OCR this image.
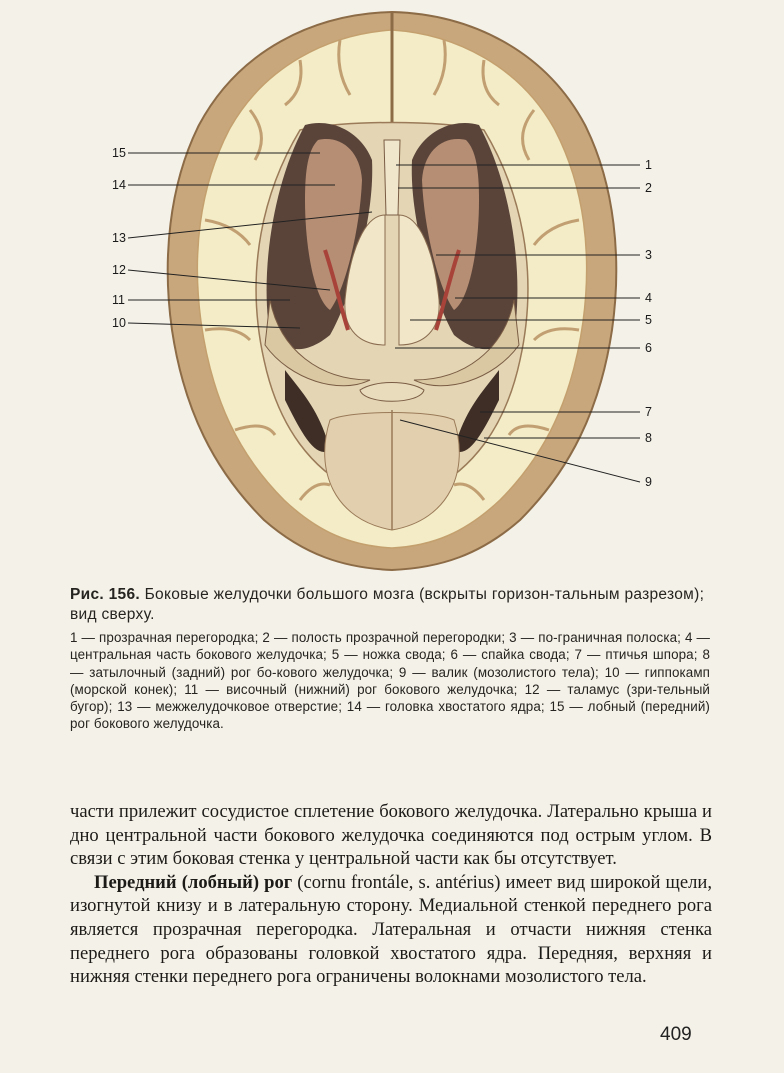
15
14
13
12
11
10
1
2
3
4
5
6
7
8
9
Рис. 156. Боковые желудочки большого мозга (вскрыты горизон-тальным разрезом); вид сверху.
1 — прозрачная перегородка; 2 — полость прозрачной перегородки; 3 — по-граничная полоска; 4 — центральная часть бокового желудочка; 5 — ножка свода; 6 — спайка свода; 7 — птичья шпора; 8 — затылочный (задний) рог бо-кового желудочка; 9 — валик (мозолистого тела); 10 — гиппокамп (морской конек); 11 — височный (нижний) рог бокового желудочка; 12 — таламус (зри-тельный бугор); 13 — межжелудочковое отверстие; 14 — головка хвостатого ядра; 15 — лобный (передний) рог бокового желудочка.

части прилежит сосудистое сплетение бокового желудочка. Латерально крыша и дно центральной части бокового желудочка соединяются под острым углом. В связи с этим боковая стенка у центральной части как бы отсутствует.

Передний (лобный) рог (cornu frontále, s. antérius) имеет вид широкой щели, изогнутой книзу и в латеральную сторону. Медиальной стенкой переднего рога является прозрачная перегородка. Латеральная и отчасти нижняя стенка переднего рога образованы головкой хвостатого ядра. Передняя, верхняя и нижняя стенки переднего рога ограничены волокнами мозолистого тела.

409
